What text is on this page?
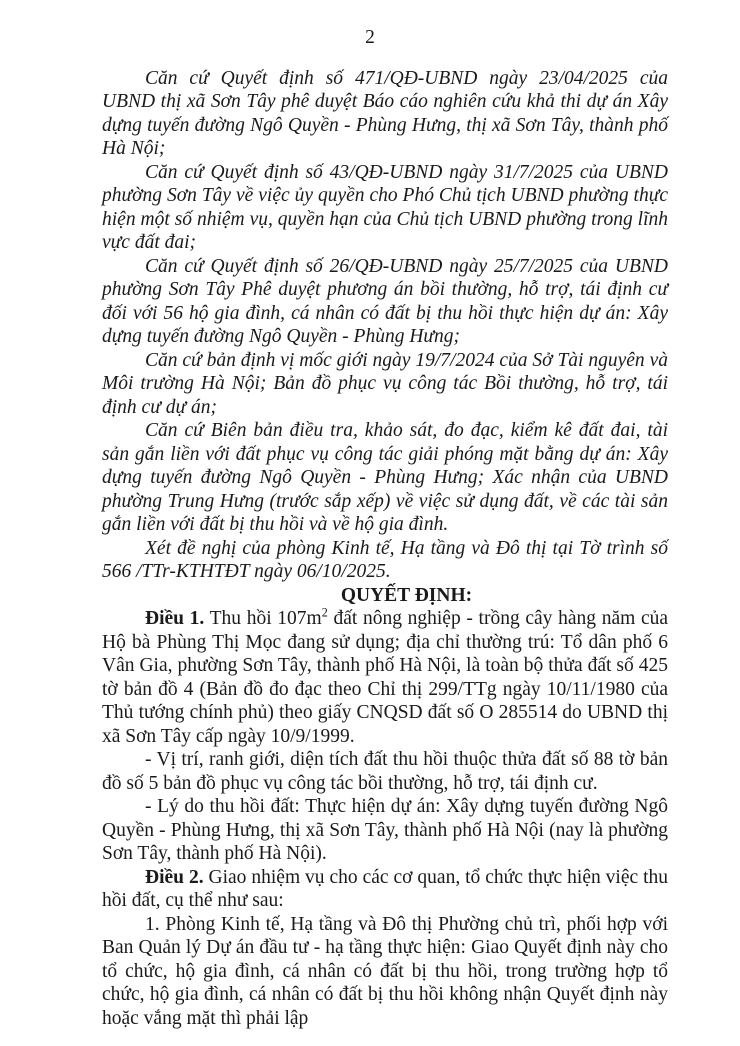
2

Căn cứ Quyết định số 471/QĐ-UBND ngày 23/04/2025 của UBND thị xã Sơn Tây phê duyệt Báo cáo nghiên cứu khả thi dự án Xây dựng tuyến đường Ngô Quyền - Phùng Hưng, thị xã Sơn Tây, thành phố Hà Nội;

Căn cứ Quyết định số 43/QĐ-UBND ngày 31/7/2025 của UBND phường Sơn Tây về việc ủy quyền cho Phó Chủ tịch UBND phường thực hiện một số nhiệm vụ, quyền hạn của Chủ tịch UBND phường trong lĩnh vực đất đai;

Căn cứ Quyết định số 26/QĐ-UBND ngày 25/7/2025 của UBND phường Sơn Tây Phê duyệt phương án bồi thường, hỗ trợ, tái định cư đối với 56 hộ gia đình, cá nhân có đất bị thu hồi thực hiện dự án: Xây dựng tuyến đường Ngô Quyền - Phùng Hưng;

Căn cứ bản định vị mốc giới ngày 19/7/2024 của Sở Tài nguyên và Môi trường Hà Nội; Bản đồ phục vụ công tác Bồi thường, hỗ trợ, tái định cư dự án;

Căn cứ Biên bản điều tra, khảo sát, đo đạc, kiểm kê đất đai, tài sản gắn liền với đất phục vụ công tác giải phóng mặt bằng dự án: Xây dựng tuyến đường Ngô Quyền - Phùng Hưng; Xác nhận của UBND phường Trung Hưng (trước sắp xếp) về việc sử dụng đất, về các tài sản gắn liền với đất bị thu hồi và về hộ gia đình.

Xét đề nghị của phòng Kinh tế, Hạ tầng và Đô thị tại Tờ trình số 566 /TTr-KTHTĐT ngày 06/10/2025.

QUYẾT ĐỊNH:

Điều 1. Thu hồi $107m^2$ đất nông nghiệp - trồng cây hàng năm của Hộ bà Phùng Thị Mọc đang sử dụng; địa chỉ thường trú: Tổ dân phố 6 Vân Gia, phường Sơn Tây, thành phố Hà Nội, là toàn bộ thửa đất số 425 tờ bản đồ 4 (Bản đồ đo đạc theo Chỉ thị 299/TTg ngày 10/11/1980 của Thủ tướng chính phủ) theo giấy CNQSD đất số O 285514 do UBND thị xã Sơn Tây cấp ngày 10/9/1999.

- Vị trí, ranh giới, diện tích đất thu hồi thuộc thửa đất số 88 tờ bản đồ số 5 bản đồ phục vụ công tác bồi thường, hỗ trợ, tái định cư.

- Lý do thu hồi đất: Thực hiện dự án: Xây dựng tuyến đường Ngô Quyền - Phùng Hưng, thị xã Sơn Tây, thành phố Hà Nội (nay là phường Sơn Tây, thành phố Hà Nội).

Điều 2. Giao nhiệm vụ cho các cơ quan, tổ chức thực hiện việc thu hồi đất, cụ thể như sau:

1. Phòng Kinh tế, Hạ tầng và Đô thị Phường chủ trì, phối hợp với Ban Quản lý Dự án đầu tư - hạ tầng thực hiện: Giao Quyết định này cho tổ chức, hộ gia đình, cá nhân có đất bị thu hồi, trong trường hợp tổ chức, hộ gia đình, cá nhân có đất bị thu hồi không nhận Quyết định này hoặc vắng mặt thì phải lập
